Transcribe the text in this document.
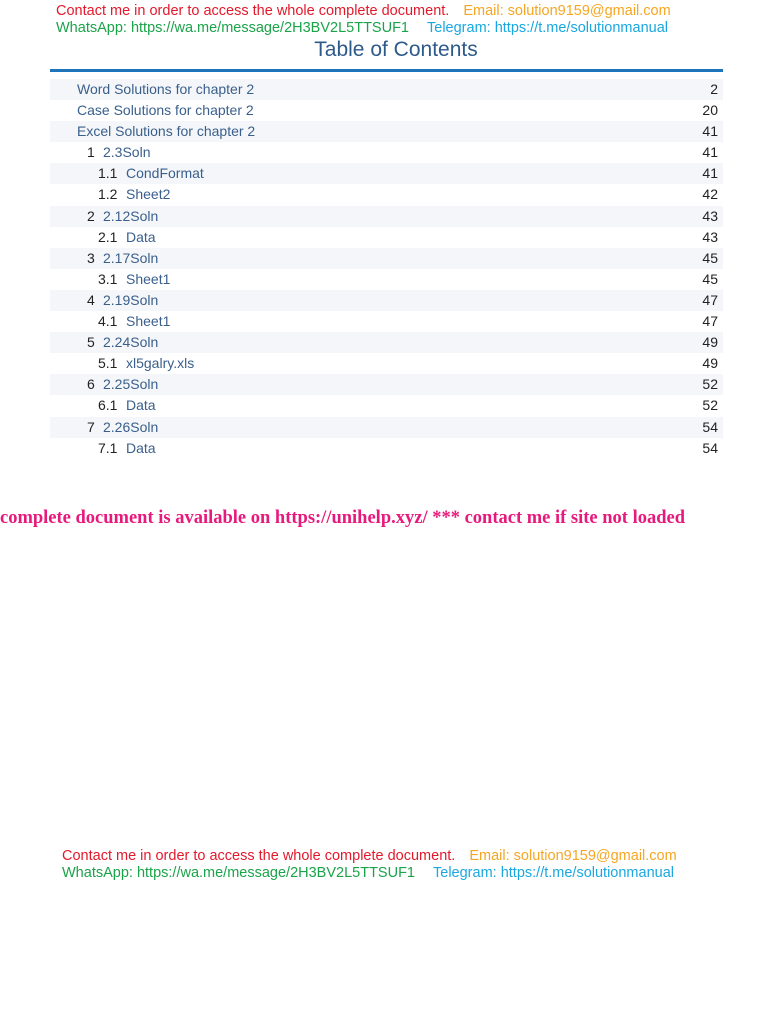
Contact me in order to access the whole complete document. Email: solution9159@gmail.com
WhatsApp: https://wa.me/message/2H3BV2L5TTSUF1 Telegram: https://t.me/solutionmanual
Table of Contents
Word Solutions for chapter 2	2
Case Solutions for chapter 2	20
Excel Solutions for chapter 2	41
1 2.3Soln	41
1.1 CondFormat	41
1.2 Sheet2	42
2 2.12Soln	43
2.1 Data	43
3 2.17Soln	45
3.1 Sheet1	45
4 2.19Soln	47
4.1 Sheet1	47
5 2.24Soln	49
5.1 xl5galry.xls	49
6 2.25Soln	52
6.1 Data	52
7 2.26Soln	54
7.1 Data	54
complete document is available on https://unihelp.xyz/ *** contact me if site not loaded
Contact me in order to access the whole complete document. Email: solution9159@gmail.com
WhatsApp: https://wa.me/message/2H3BV2L5TTSUF1 Telegram: https://t.me/solutionmanual
